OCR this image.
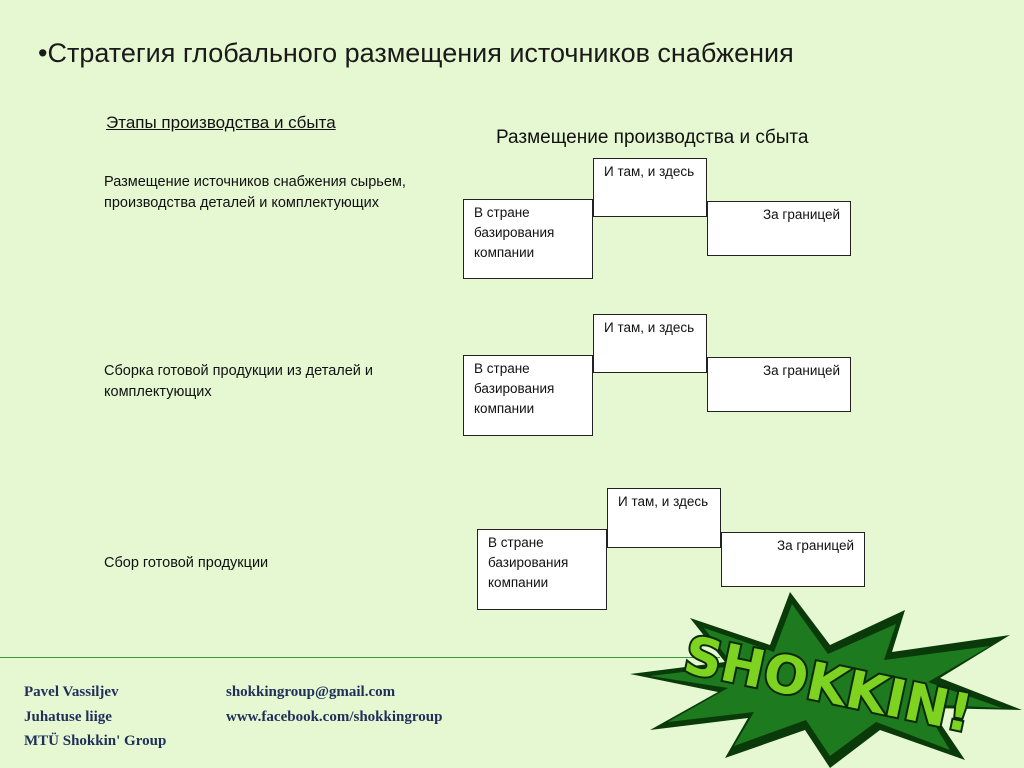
•Стратегия глобального размещения источников снабжения
Этапы производства и сбыта
Размещение производства и сбыта
Размещение источников снабжения сырьем, производства деталей и комплектующих
И там, и здесь
За границей
В стране базирования компании
Сборка готовой продукции из деталей и комплектующих
И там, и здесь
За границей
В стране базирования компании
Сбор готовой продукции
И там, и здесь
За границей
В стране базирования компании
Pavel Vassiljev
Juhatuse liige
MTÜ Shokkin' Group
shokkingroup@gmail.com
www.facebook.com/shokkingroup	SHOKKIN!
